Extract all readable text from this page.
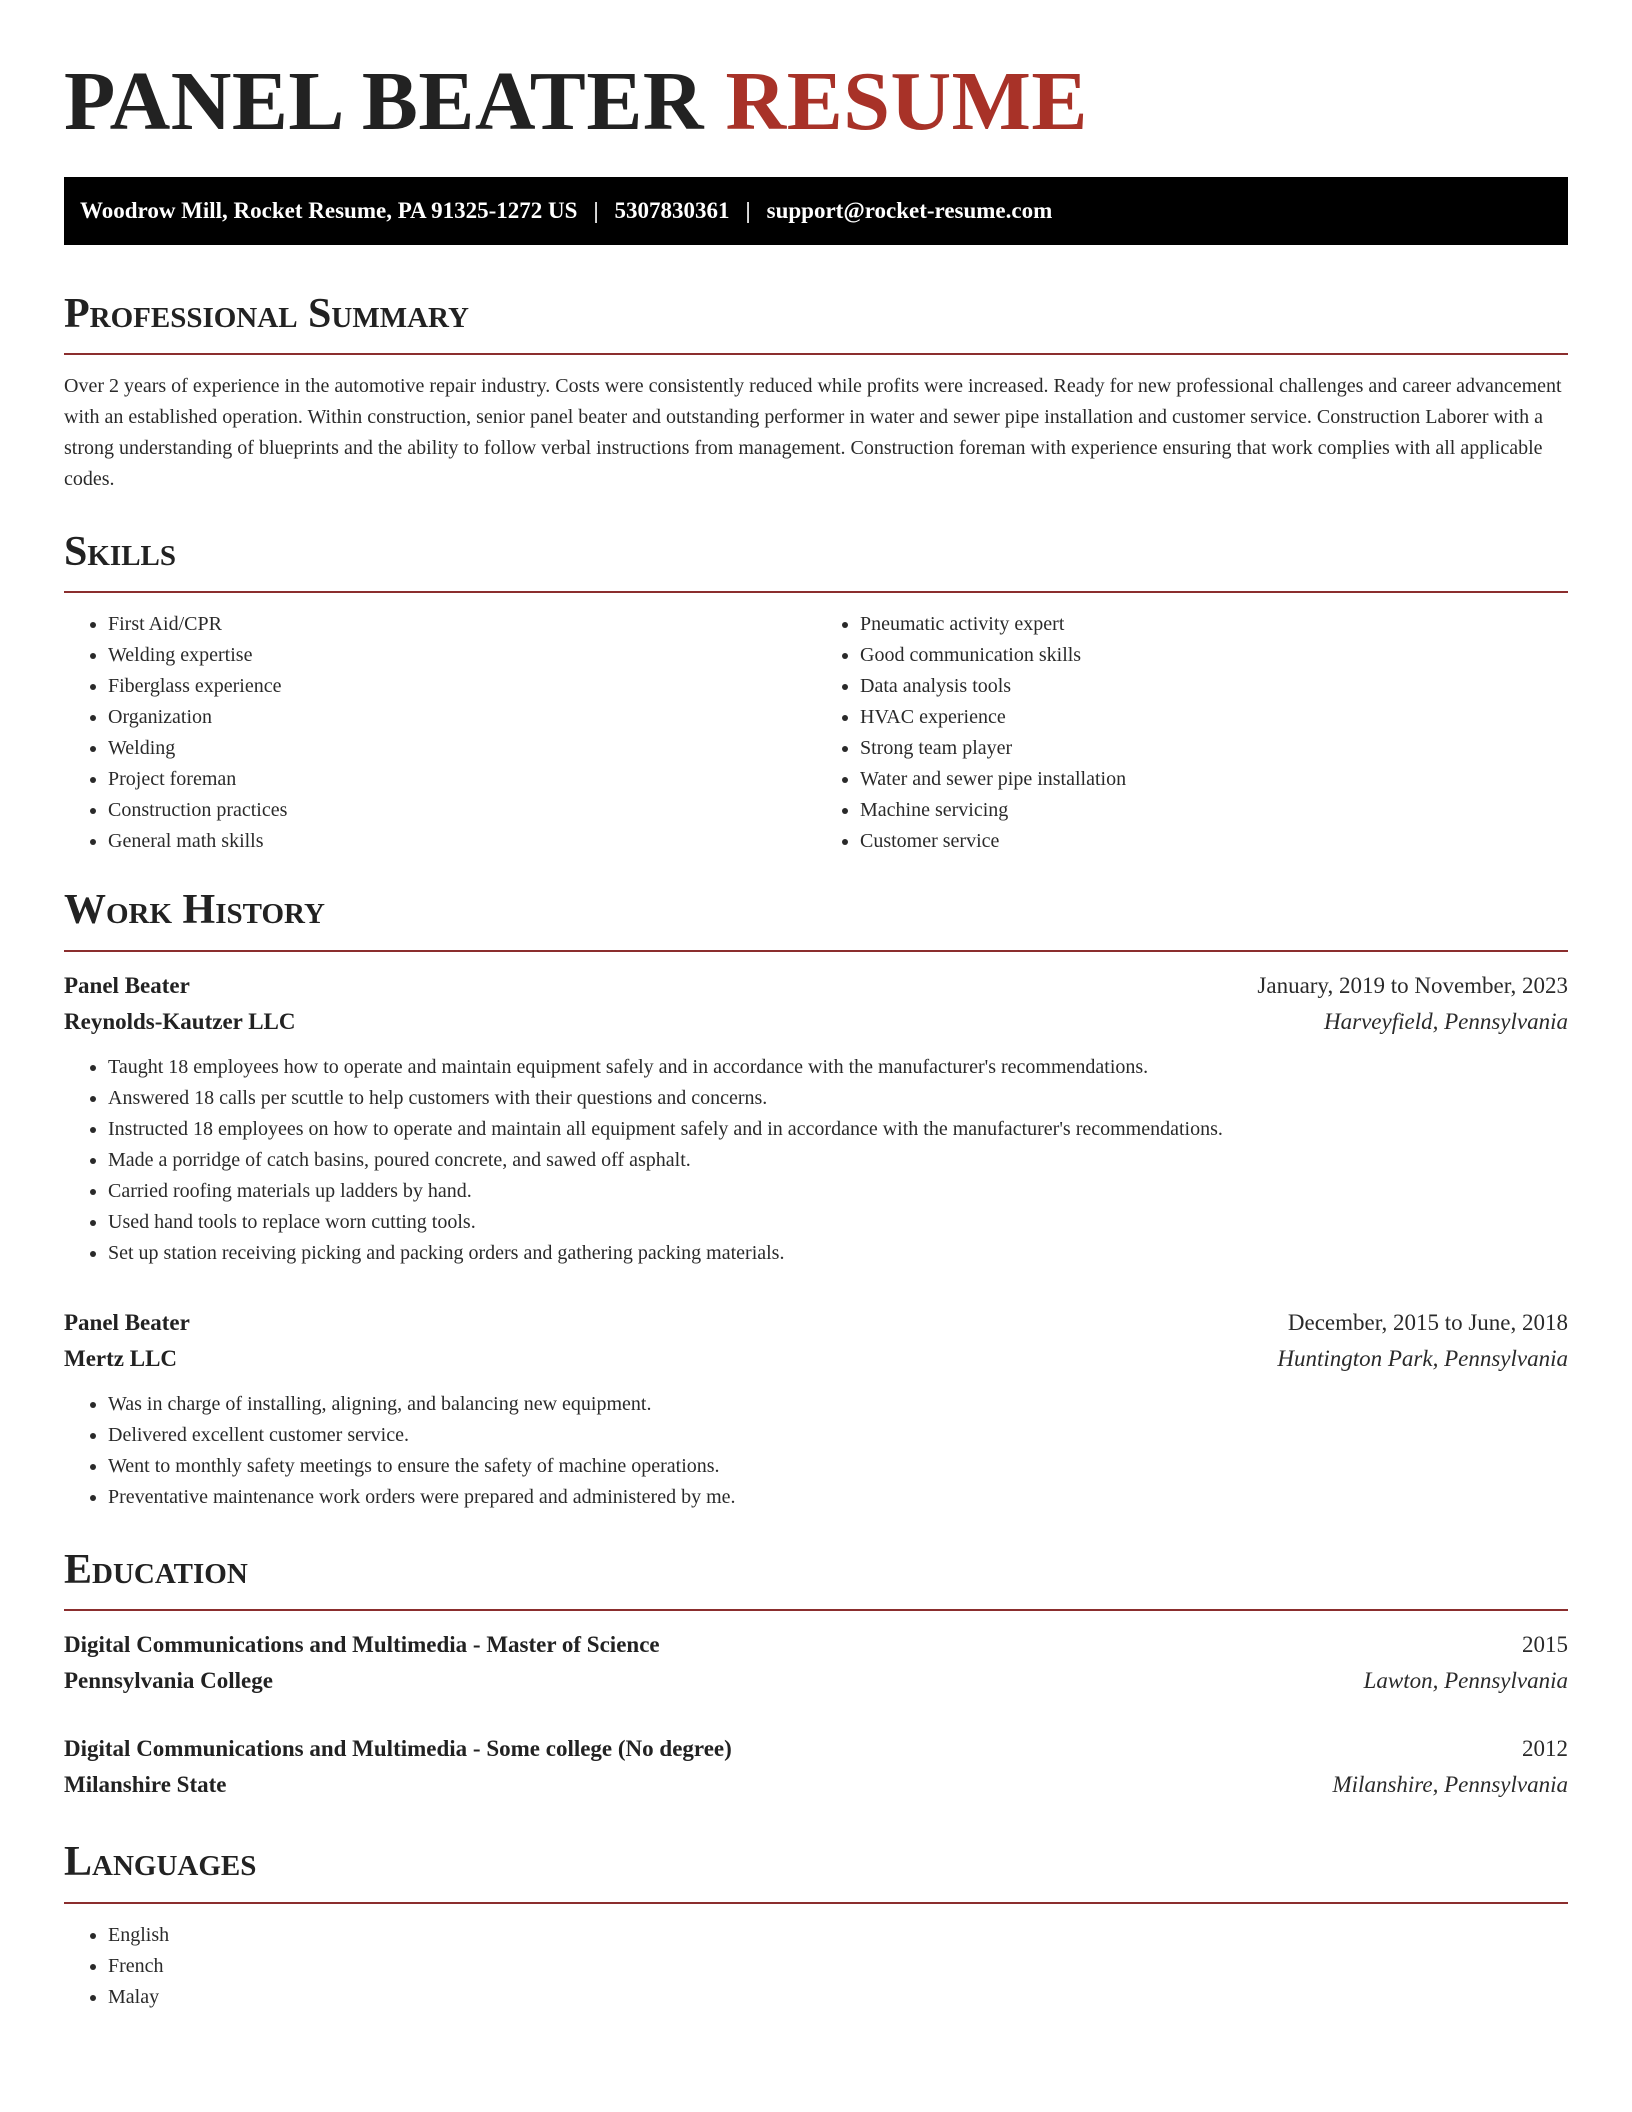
PANEL BEATER RESUME
Woodrow Mill, Rocket Resume, PA 91325-1272 US | 5307830361 | support@rocket-resume.com
Professional Summary

Over 2 years of experience in the automotive repair industry. Costs were consistently reduced while profits were increased. Ready for new professional challenges and career advancement with an established operation. Within construction, senior panel beater and outstanding performer in water and sewer pipe installation and customer service. Construction Laborer with a strong understanding of blueprints and the ability to follow verbal instructions from management. Construction foreman with experience ensuring that work complies with all applicable codes.

Skills
• First Aid/CPR
• Welding expertise
• Fiberglass experience
• Organization
• Welding
• Project foreman
• Construction practices
• General math skills
• Pneumatic activity expert
• Good communication skills
• Data analysis tools
• HVAC experience
• Strong team player
• Water and sewer pipe installation
• Machine servicing
• Customer service
Work History
Panel Beater	January, 2019 to November, 2023
Reynolds-Kautzer LLC	Harveyfield, Pennsylvania
• Taught 18 employees how to operate and maintain equipment safely and in accordance with the manufacturer's recommendations.
• Answered 18 calls per scuttle to help customers with their questions and concerns.
• Instructed 18 employees on how to operate and maintain all equipment safely and in accordance with the manufacturer's recommendations.
• Made a porridge of catch basins, poured concrete, and sawed off asphalt.
• Carried roofing materials up ladders by hand.
• Used hand tools to replace worn cutting tools.
• Set up station receiving picking and packing orders and gathering packing materials.
Panel Beater	December, 2015 to June, 2018
Mertz LLC	Huntington Park, Pennsylvania
• Was in charge of installing, aligning, and balancing new equipment.
• Delivered excellent customer service.
• Went to monthly safety meetings to ensure the safety of machine operations.
• Preventative maintenance work orders were prepared and administered by me.
Education
Digital Communications and Multimedia - Master of Science	2015
Pennsylvania College	Lawton, Pennsylvania
Digital Communications and Multimedia - Some college (No degree)	2012
Milanshire State	Milanshire, Pennsylvania
Languages
• English
• French
• Malay
